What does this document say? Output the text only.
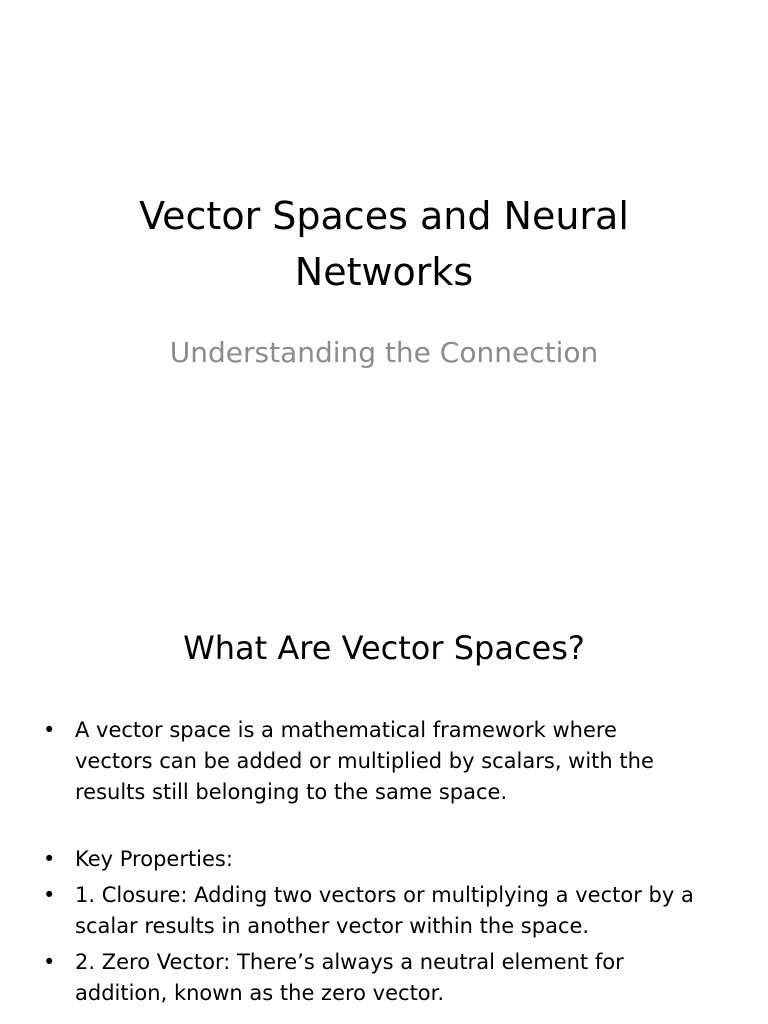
Vector Spaces and Neural Networks

Understanding the Connection

What Are Vector Spaces?
• A vector space is a mathematical framework where vectors can be added or multiplied by scalars, with the results still belonging to the same space.
• Key Properties:
• 1. Closure: Adding two vectors or multiplying a vector by a scalar results in another vector within the space.
• 2. Zero Vector: There’s always a neutral element for addition, known as the zero vector.
